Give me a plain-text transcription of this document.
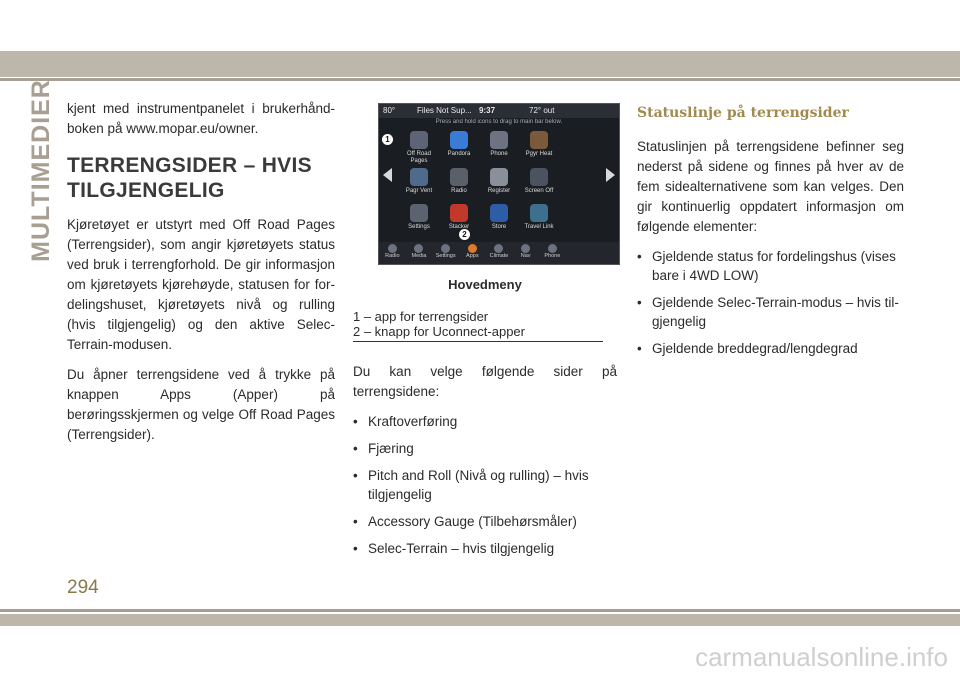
MULTIMEDIER kjent med instrumentpanelet i brukerhåndboken på www.mopar.eu/owner.

TERRENGSIDER – HVIS
TILGJENGELIG

Kjøretøyet er utstyrt med Off Road Pages (Terrengsider), som angir kjøretøyets status ved bruk i terrengforhold. De gir informasjon om kjøretøyets kjørehøyde, statusen for fordelingshuset, kjøretøyets nivå og rulling (hvis tilgjengelig) og den aktive Selec-Terrain-modusen.

Du åpner terrengsidene ved å trykke på knappen Apps (Apper) på berøringsskjermen og velge Off Road Pages (Terrengsider).

80°	Files Not Sup... 9:37	72° out
Press and hold icons to drag to main bar below.
Off Road Pages
Pandora	Phone	Pgyr Heat
Pagr Vent	Radio	Register Screen Off
Settings	Stacker	Store	Travel Link
Radio Media Settings Apps Climate Nav	Phone
1
2
Hovedmeny
1 – app for terrengsider
2 – knapp for Uconnect-apper

Du kan velge følgende sider på terrengsidene:

• Kraftoverføring
• Fjæring
• Pitch and Roll (Nivå og rulling) – hvis tilgjengelig
• Accessory Gauge (Tilbehørsmåler)
• Selec-Terrain – hvis tilgjengelig
Statuslinje på terrengsider

Statuslinjen på terrengsidene befinner seg nederst på sidene og finnes på hver av de fem sidealternativene som kan velges. Den gir kontinuerlig oppdatert informasjon om følgende elementer:

• Gjeldende status for fordelingshus (vises bare i 4WD LOW)
• Gjeldende Selec-Terrain-modus – hvis tilgjengelig
• Gjeldende breddegrad/lengdegrad
294
carmanualsonline.info
